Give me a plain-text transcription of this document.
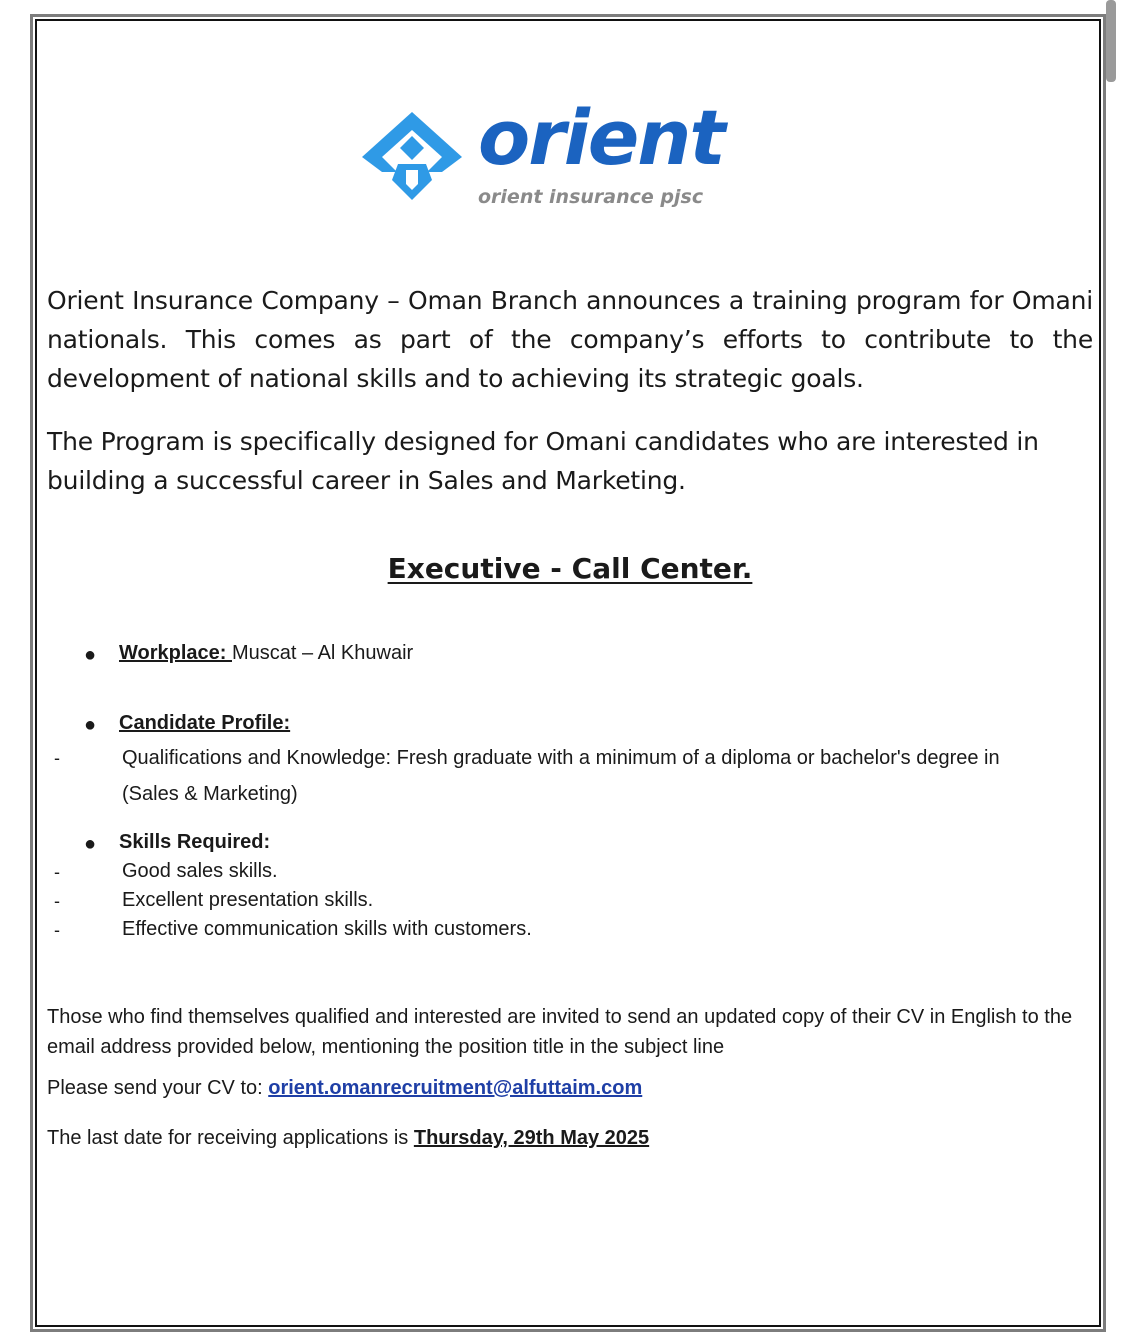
orient
orient insurance pjsc

Orient Insurance Company – Oman Branch announces a training program for Omani nationals. This comes as part of the company’s efforts to contribute to the development of national skills and to achieving its strategic goals.

The Program is specifically designed for Omani candidates who are interested in building a successful career in Sales and Marketing.

Executive - Call Center.
● Workplace: Muscat – Al Khuwair

● Candidate Profile:

-	Qualifications and Knowledge: Fresh graduate with a minimum of a diploma or bachelor's degree in

(Sales & Marketing)

● Skills Required:

-	Good sales skills.

-	Excellent presentation skills.

-	Effective communication skills with customers.

Those who find themselves qualified and interested are invited to send an updated copy of their CV in English to the email address provided below, mentioning the position title in the subject line

Please send your CV to: orient.omanrecruitment@alfuttaim.com

The last date for receiving applications is Thursday, 29th May 2025
